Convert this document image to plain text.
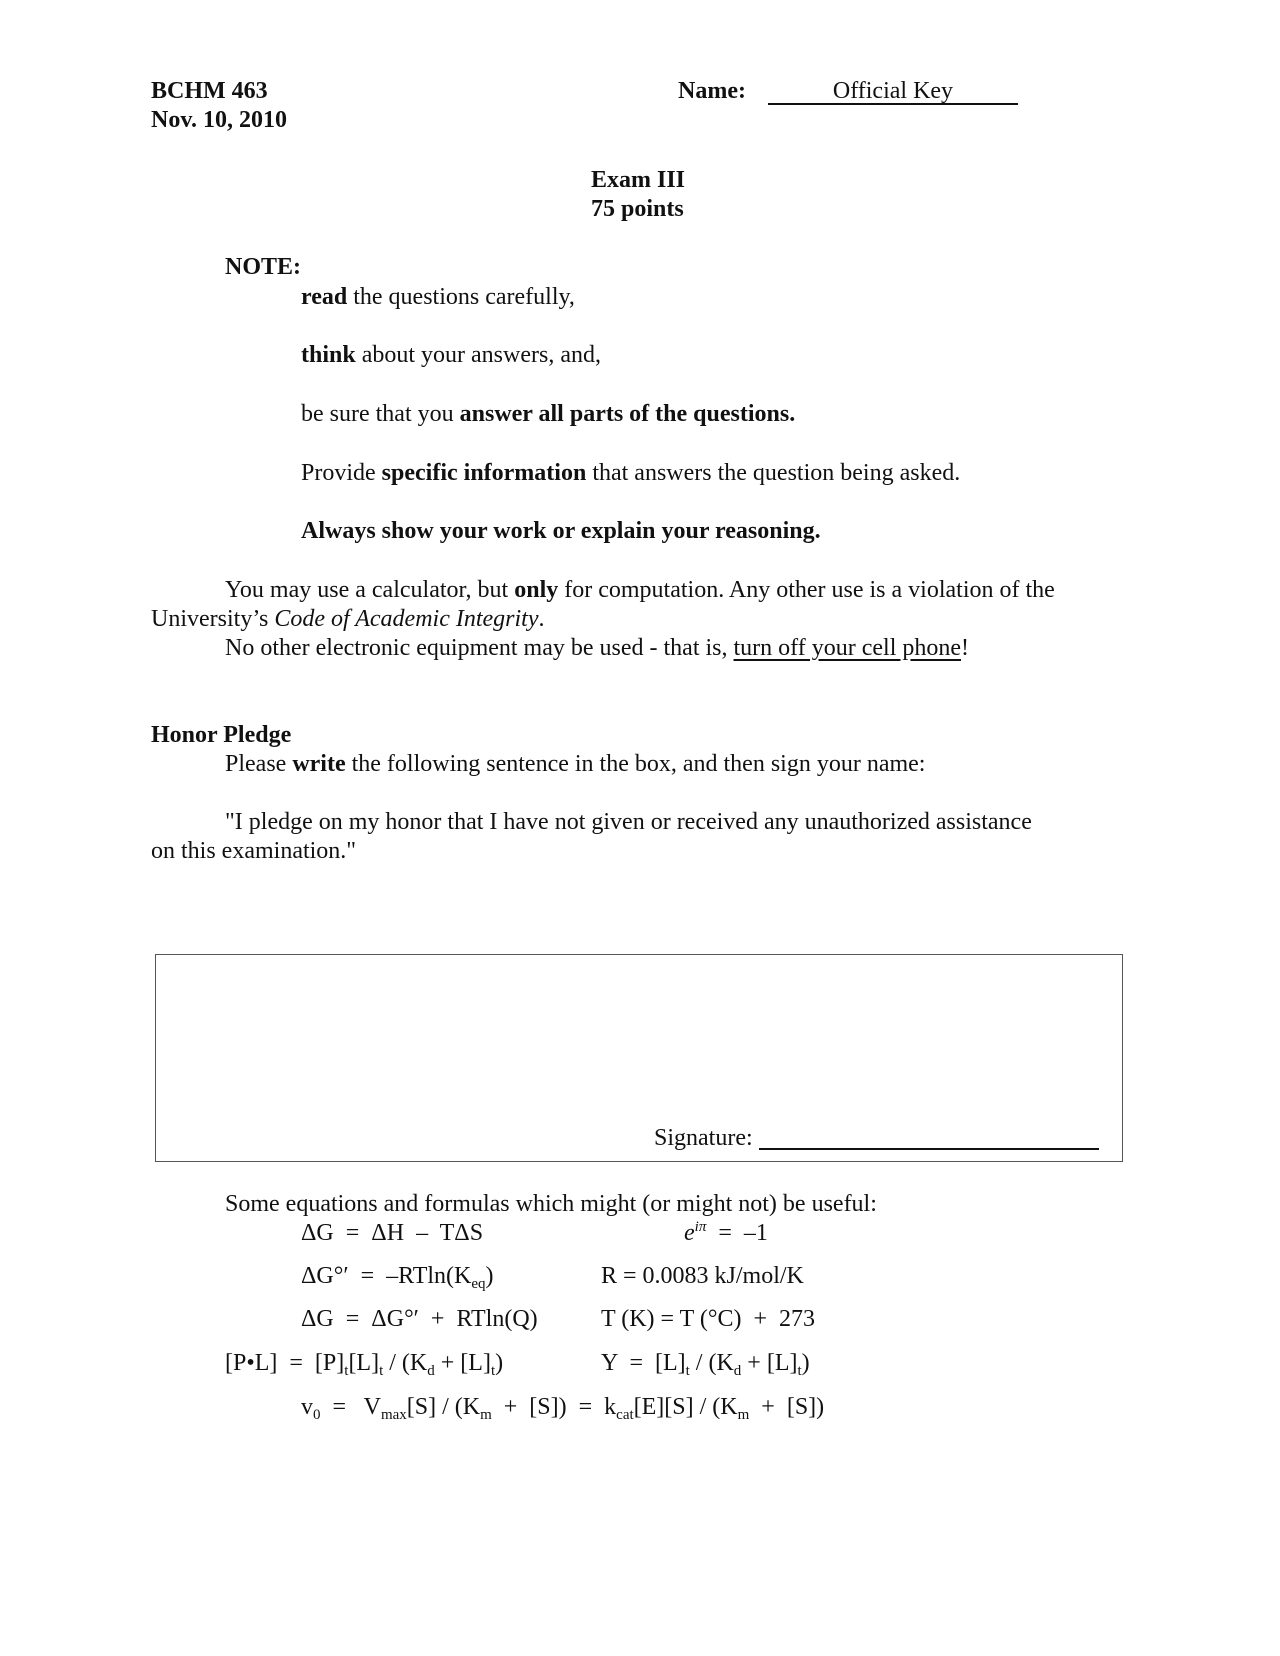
BCHM 463
Nov. 10, 2010
Name:	Official Key
Exam III
75 points
NOTE:
read the questions carefully,
think about your answers, and,
be sure that you answer all parts of the questions.
Provide specific information that answers the question being asked.
Always show your work or explain your reasoning.
You may use a calculator, but only for computation. Any other use is a violation of the
University’s Code of Academic Integrity.
No other electronic equipment may be used - that is, turn off your cell phone!
Honor Pledge
Please write the following sentence in the box, and then sign your name:
"I pledge on my honor that I have not given or received any unauthorized assistance
on this examination."
Signature:
Some equations and formulas which might (or might not) be useful:
ΔG  =  ΔH  –  TΔS	$e^{i\pi} = -1$
$\Delta G^\circ' = -RTln(K_{eq})$	R = 0.0083 kJ/mol/K
ΔG  =  ΔG°′  +  RTln(Q)	T (K) = T (°C)  +  273
[P•L]  =  $[P]_t[L]_t / (K_d + [L]_t)$	$Y = [L]_t / (K_d + [L]_t)$
$v_0 = V_{max}[S] / (K_m + [S]) = k_{cat}[E][S] / (K_m + [S])$
